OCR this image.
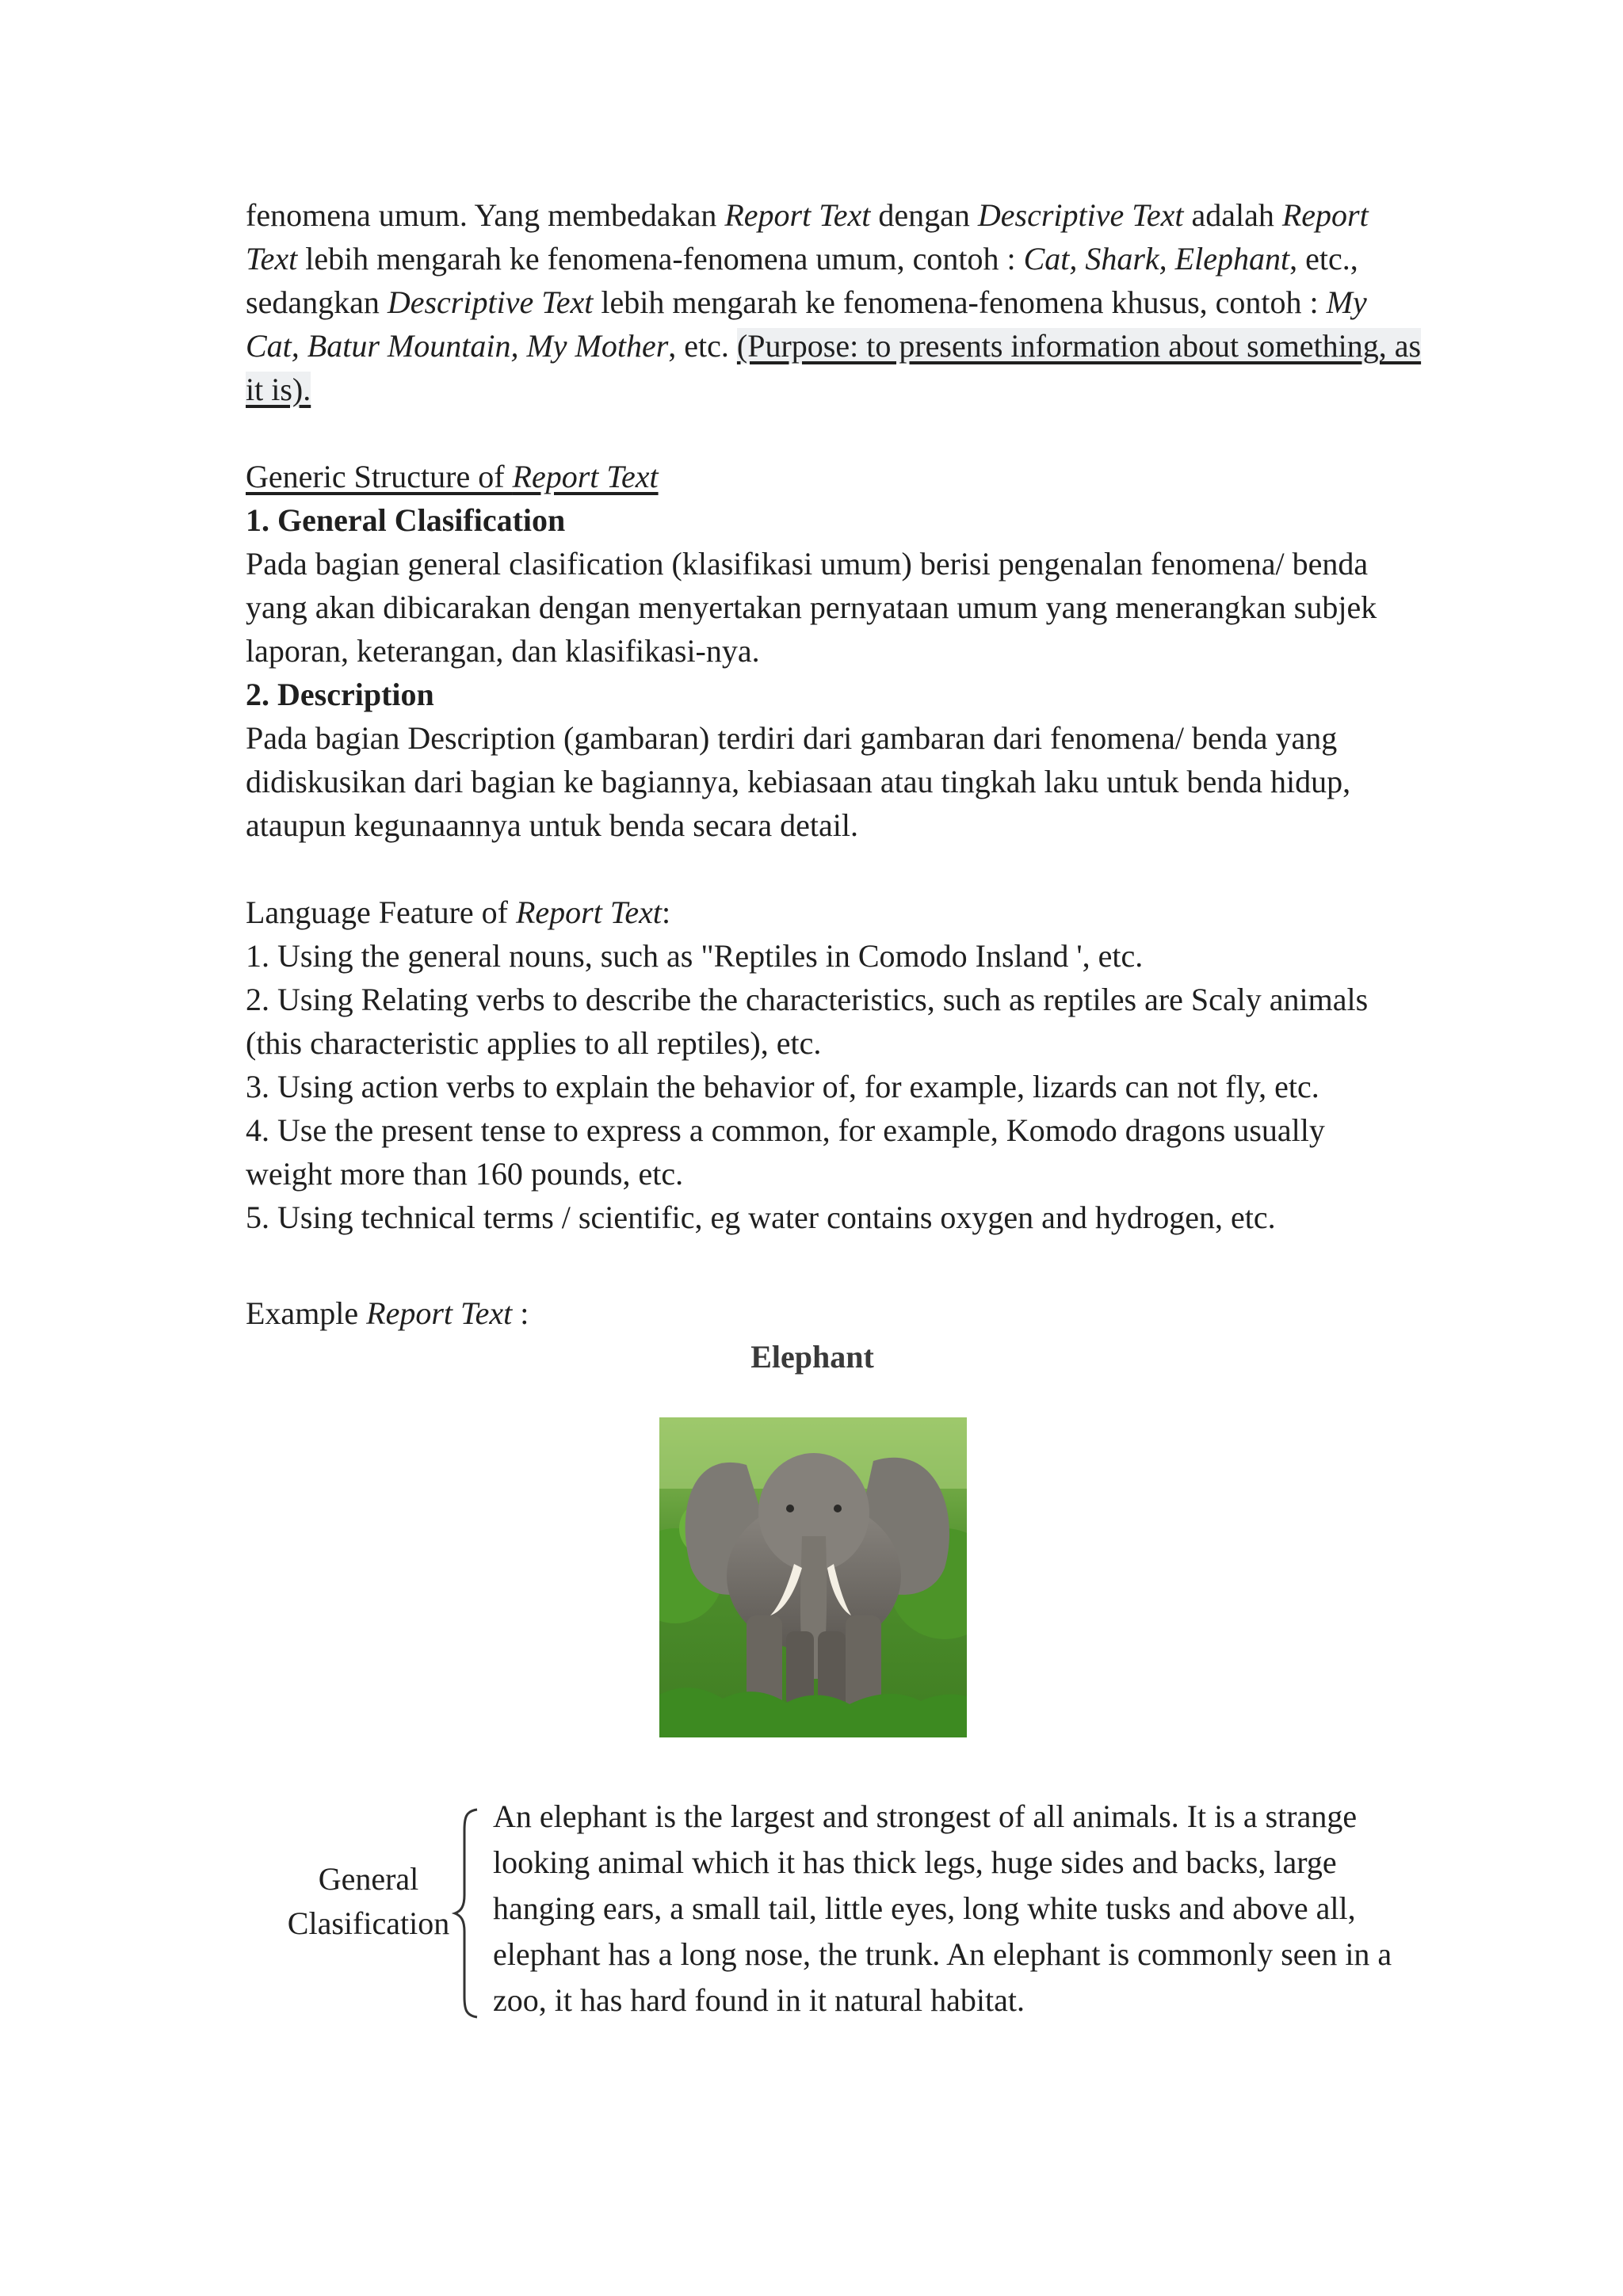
fenomena umum. Yang membedakan Report Text dengan Descriptive Text adalah Report

Text lebih mengarah ke fenomena-fenomena umum, contoh : Cat, Shark, Elephant, etc.,

sedangkan Descriptive Text lebih mengarah ke fenomena-fenomena khusus, contoh : My

Cat, Batur Mountain, My Mother, etc. (Purpose: to presents information about something, as

it is).

Generic Structure of Report Text

1. General Clasification

Pada bagian general clasification (klasifikasi umum) berisi pengenalan fenomena/ benda

yang akan dibicarakan dengan menyertakan pernyataan umum yang menerangkan subjek

laporan, keterangan, dan klasifikasi-nya.

2. Description

Pada bagian Description (gambaran) terdiri dari gambaran dari fenomena/ benda yang

didiskusikan dari bagian ke bagiannya, kebiasaan atau tingkah laku untuk benda hidup,

ataupun kegunaannya untuk benda secara detail.

Language Feature of Report Text:

1. Using the general nouns, such as "Reptiles in Comodo Insland ', etc.

2. Using Relating verbs to describe the characteristics, such as reptiles are Scaly animals

(this characteristic applies to all reptiles), etc.

3. Using action verbs to explain the behavior of, for example, lizards can not fly, etc.

4. Use the present tense to express a common, for example, Komodo dragons usually

weight more than 160 pounds, etc.

5. Using technical terms / scientific, eg water contains oxygen and hydrogen, etc.

Example Report Text :

Elephant

General
Clasification

An elephant is the largest and strongest of all animals. It is a strange

looking animal which it has thick legs, huge sides and backs, large

hanging ears, a small tail, little eyes, long white tusks and above all,

elephant has a long nose, the trunk. An elephant is commonly seen in a

zoo, it has hard found in it natural habitat.
